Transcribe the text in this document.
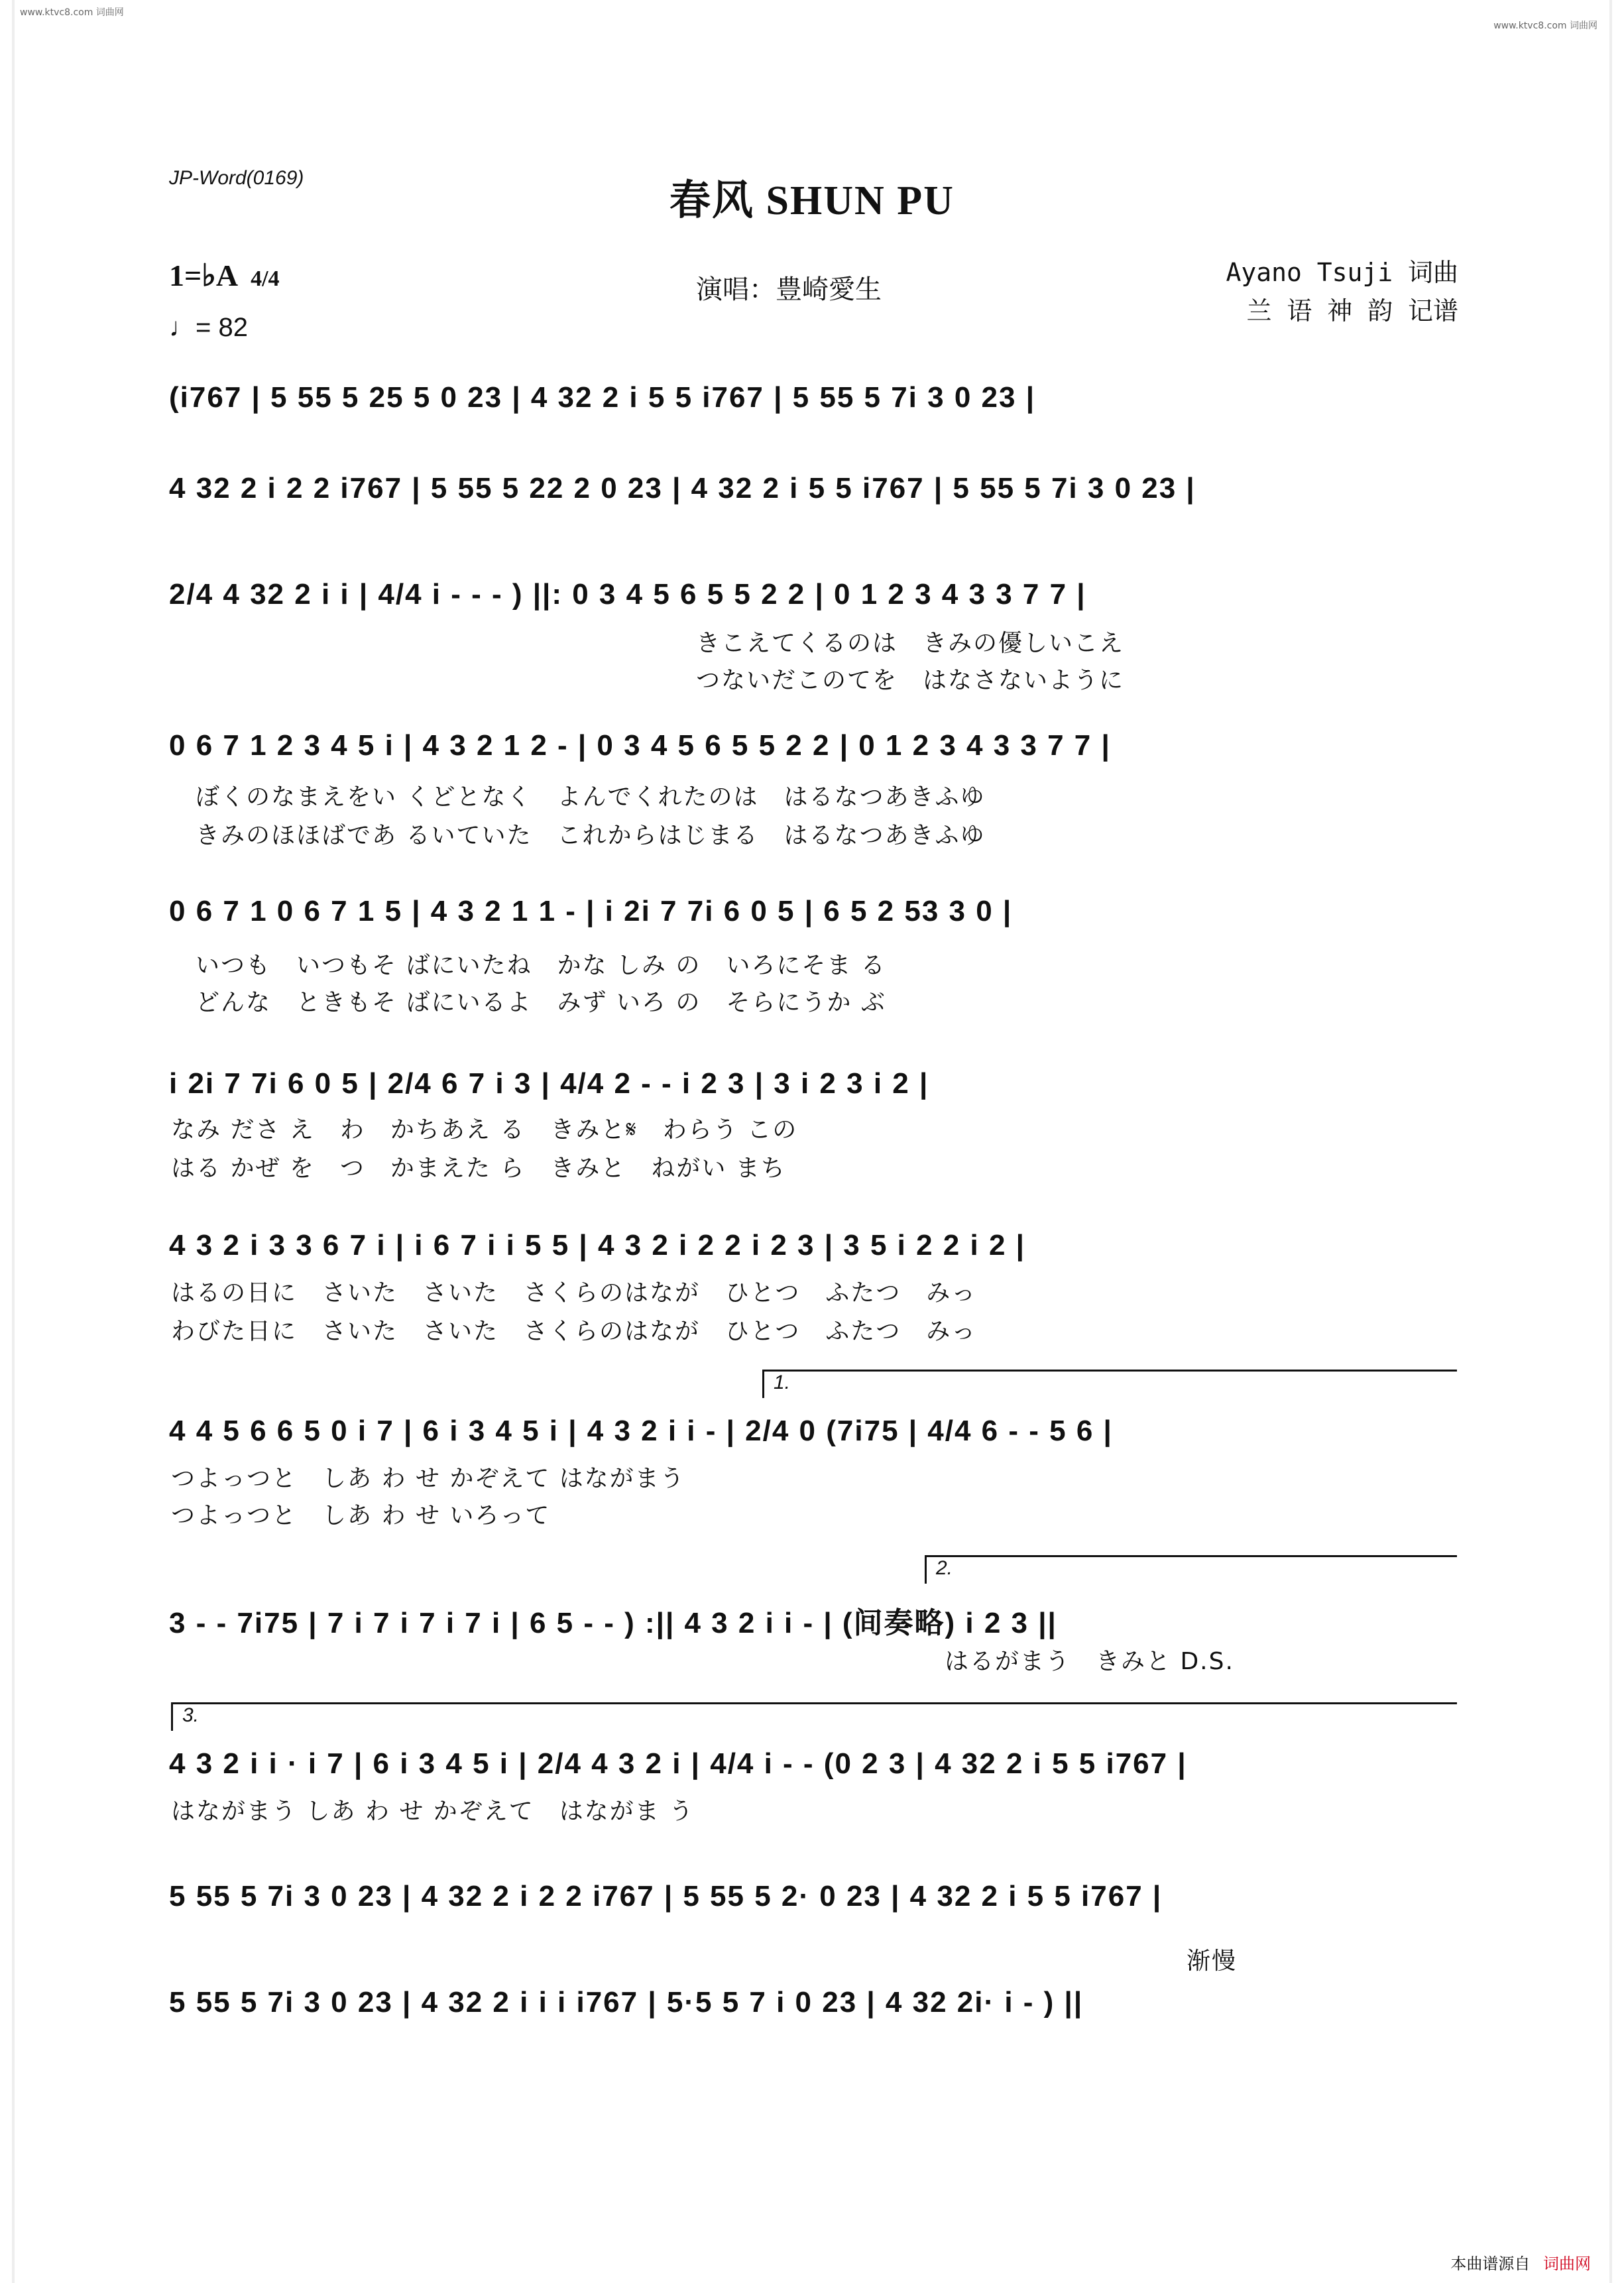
www.ktvc8.com 词曲网
www.ktvc8.com 词曲网
JP-Word(0169)
春风 SHUN PU
1=♭A 4/4
♩= 82
演唱：豊崎愛生
Ayano Tsuji 词曲
兰 语 神 韵 记谱
(i767 | 5 55 5 25 5 0 23 | 4 32 2 i 5 5 i767 | 5 55 5 7i 3 0 23 |
4 32 2 i 2 2 i767 | 5 55 5 22 2 0 23 | 4 32 2 i 5 5 i767 | 5 55 5 7i 3 0 23 |
2/4 4 32 2 i i | 4/4 i - - - ) ||: 0 3 4 5 6 5 5 2 2 | 0 1 2 3 4 3 3 7 7 |
きこえてくるのは　きみの優しいこえ
つないだこのてを　はなさないように
0 6 7 1 2 3 4 5 i | 4 3 2 1 2 - | 0 3 4 5 6 5 5 2 2 | 0 1 2 3 4 3 3 7 7 |
ぼくのなまえをい くどとなく　よんでくれたのは　はるなつあきふゆ
きみのほほばであ るいていた　これからはじまる　はるなつあきふゆ
0 6 7 1 0 6 7 1 5 | 4 3 2 1 1 - | i 2i 7 7i 6 0 5 | 6 5 2 53 3 0 |
いつも　いつもそ ばにいたね　かな しみ の　いろにそま る
どんな　ときもそ ばにいるよ　みず いろ の　そらにうか ぶ
i 2i 7 7i 6 0 5 | 2/4 6 7 i 3 | 4/4 2 - - i 2 3 | 3 i 2 3 i 2 |
なみ ださ え　わ　かちあえ る　きみと𝄋　わらう この
はる かぜ を　つ　かまえた ら　きみと　ねがい まち
4 3 2 i 3 3 6 7 i | i 6 7 i i 5 5 | 4 3 2 i 2 2 i 2 3 | 3 5 i 2 2 i 2 |
はるの日に　さいた　さいた　さくらのはなが　ひとつ　ふたつ　みっ
わびた日に　さいた　さいた　さくらのはなが　ひとつ　ふたつ　みっ
1.
4 4 5 6 6 5 0 i 7 | 6 i 3 4 5 i | 4 3 2 i i - | 2/4 0 (7i75 | 4/4 6 - - 5 6 |
つよっつと　しあ わ せ かぞえて はながまう
つよっつと　しあ わ せ いろって
2.
3 - - 7i75 | 7 i 7 i 7 i 7 i | 6 5 - - ) :|| 4 3 2 i i - | (间奏略) i 2 3 ||
はるがまう　きみと D.S.
3.
4 3 2 i i · i 7 | 6 i 3 4 5 i | 2/4 4 3 2 i | 4/4 i - - (0 2 3 | 4 32 2 i 5 5 i767 |
はながまう しあ わ せ かぞえて　はながま う
5 55 5 7i 3 0 23 | 4 32 2 i 2 2 i767 | 5 55 5 2· 0 23 | 4 32 2 i 5 5 i767 |
渐慢
5 55 5 7i 3 0 23 | 4 32 2 i i i i767 | 5·5 5 7 i 0 23 | 4 32 2i· i - ) ||
本曲谱源自 词曲网
